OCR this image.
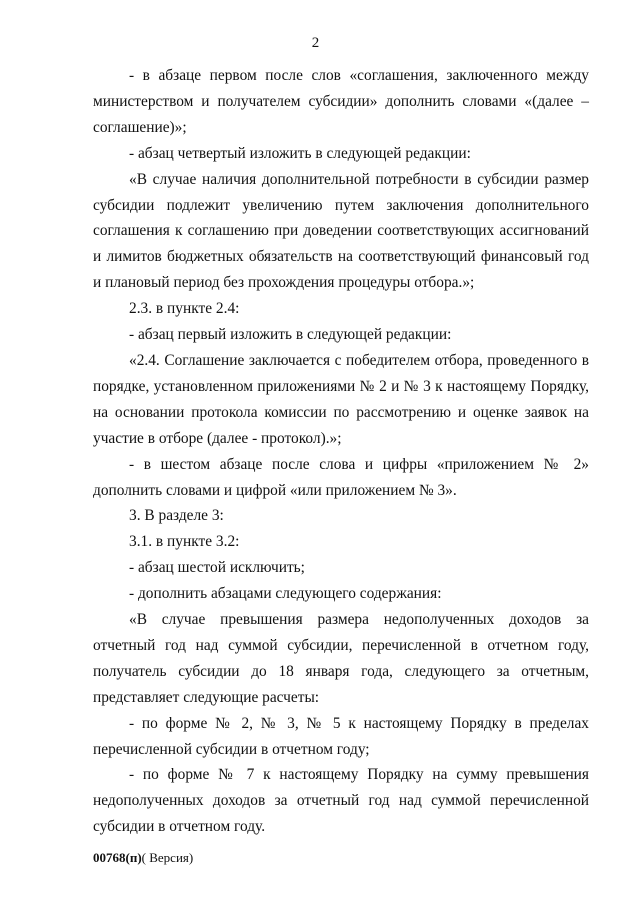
2

- в абзаце первом после слов «соглашения, заключенного между министерством и получателем субсидии» дополнить словами «(далее – соглашение)»;

- абзац четвертый изложить в следующей редакции:

«В случае наличия дополнительной потребности в субсидии размер субсидии подлежит увеличению путем заключения дополнительного соглашения к соглашению при доведении соответствующих ассигнований и лимитов бюджетных обязательств на соответствующий финансовый год и плановый период без прохождения процедуры отбора.»;

2.3. в пункте 2.4:

- абзац первый изложить в следующей редакции:

«2.4. Соглашение заключается с победителем отбора, проведенного в порядке, установленном приложениями № 2 и № 3 к настоящему Порядку, на основании протокола комиссии по рассмотрению и оценке заявок на участие в отборе (далее - протокол).»;

- в шестом абзаце после слова и цифры «приложением № 2» дополнить словами и цифрой «или приложением № 3».

3. В разделе 3:

3.1. в пункте 3.2:

- абзац шестой исключить;

- дополнить абзацами следующего содержания:

«В случае превышения размера недополученных доходов за отчетный год над суммой субсидии, перечисленной в отчетном году, получатель субсидии до 18 января года, следующего за отчетным, представляет следующие расчеты:

- по форме № 2, № 3, № 5 к настоящему Порядку в пределах перечисленной субсидии в отчетном году;

- по форме № 7 к настоящему Порядку на сумму превышения недополученных доходов за отчетный год над суммой перечисленной субсидии в отчетном году.

00768(п)( Версия)
